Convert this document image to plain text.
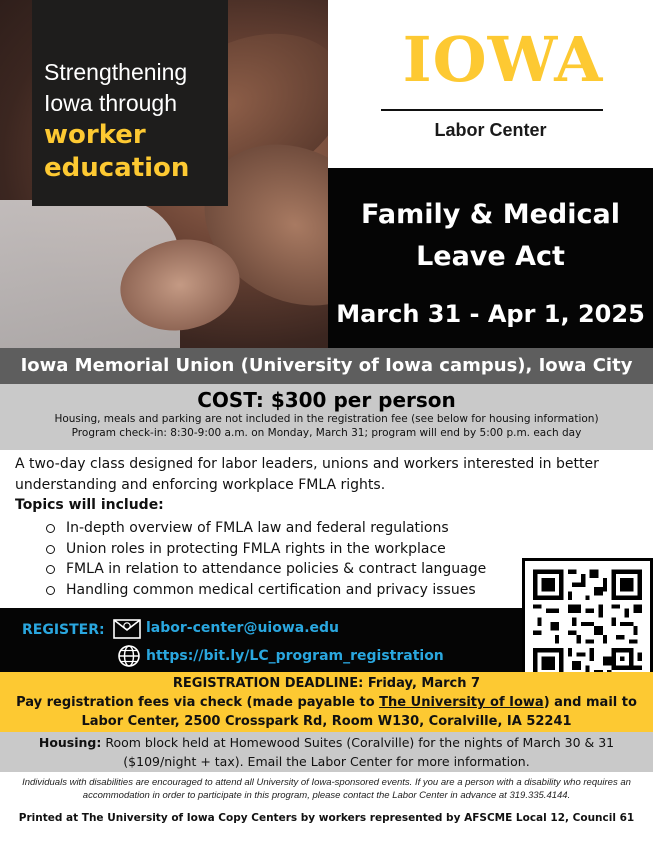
Strengthening
Iowa through
worker
education
IOWA
Labor Center
Family & Medical
Leave Act
March 31 - Apr 1, 2025
Iowa Memorial Union (University of Iowa campus), Iowa City
COST: $300 per person
Housing, meals and parking are not included in the registration fee (see below for housing information)
Program check-in: 8:30-9:00 a.m. on Monday, March 31; program will end by 5:00 p.m. each day
A two-day class designed for labor leaders, unions and workers interested in better understanding and enforcing workplace FMLA rights.
Topics will include:
In-depth overview of FMLA law and federal regulations
Union roles in protecting FMLA rights in the workplace
FMLA in relation to attendance policies & contract language
Handling common medical certification and privacy issues
REGISTER:	labor-center@uiowa.edu
https://bit.ly/LC_program_registration
REGISTRATION DEADLINE: Friday, March 7
Pay registration fees via check (made payable to The University of Iowa) and mail to
Labor Center, 2500 Crosspark Rd, Room W130, Coralville, IA 52241
Housing: Room block held at Homewood Suites (Coralville) for the nights of March 30 & 31
($109/night + tax). Email the Labor Center for more information.
Individuals with disabilities are encouraged to attend all University of Iowa-sponsored events. If you are a person with a disability who requires an accommodation in order to participate in this program, please contact the Labor Center in advance at 319.335.4144.
Printed at The University of Iowa Copy Centers by workers represented by AFSCME Local 12, Council 61
